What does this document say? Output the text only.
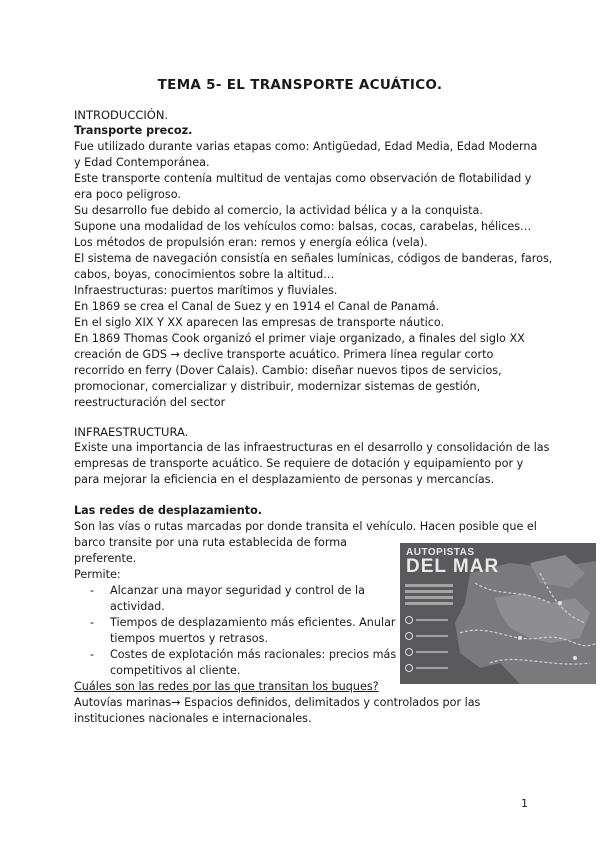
TEMA 5- EL TRANSPORTE ACUÁTICO.
INTRODUCCIÓN.
Transporte precoz.
Fue utilizado durante varias etapas como: Antigüedad, Edad Media, Edad Moderna
y Edad Contemporánea.
Este transporte contenía multitud de ventajas como observación de flotabilidad y
era poco peligroso.
Su desarrollo fue debido al comercio, la actividad bélica y a la conquista.
Supone una modalidad de los vehículos como: balsas, cocas, carabelas, hélices…
Los métodos de propulsión eran: remos y energía eólica (vela).
El sistema de navegación consistía en señales lumínicas, códigos de banderas, faros,
cabos, boyas, conocimientos sobre la altitud…
Infraestructuras: puertos marítimos y fluviales.
En 1869 se crea el Canal de Suez y en 1914 el Canal de Panamá.
En el siglo XIX Y XX aparecen las empresas de transporte náutico.
En 1869 Thomas Cook organizó el primer viaje organizado, a finales del siglo XX
creación de GDS → declive transporte acuático. Primera línea regular corto
recorrido en ferry (Dover Calais). Cambio: diseñar nuevos tipos de servicios,
promocionar, comercializar y distribuir, modernizar sistemas de gestión,
reestructuración del sector
INFRAESTRUCTURA.
Existe una importancia de las infraestructuras en el desarrollo y consolidación de las
empresas de transporte acuático. Se requiere de dotación y equipamiento por y
para mejorar la eficiencia en el desplazamiento de personas y mercancías.
Las redes de desplazamiento.
Son las vías o rutas marcadas por donde transita el vehículo. Hacen posible que el
barco transite por una ruta establecida de forma
preferente.
Permite:
- Alcanzar una mayor seguridad y control de la
actividad.
- Tiempos de desplazamiento más eficientes. Anular
tiempos muertos y retrasos.
- Costes de explotación más racionales: precios más
competitivos al cliente.
Cuáles son las redes por las que transitan los buques?
Autovías marinas→ Espacios definidos, delimitados y controlados por las
instituciones nacionales e internacionales.
AUTOPISTAS
DEL MAR
1
